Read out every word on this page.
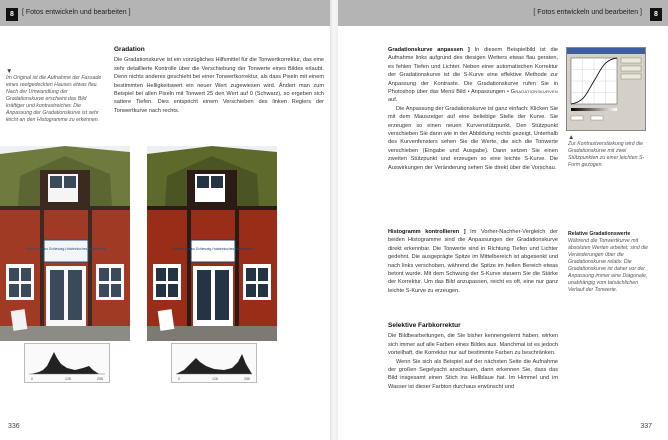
8	[ Fotos entwickeln und bearbeiten ]	[ Fotos entwickeln und bearbeiten ]	8
▼
Im Original ist die Aufnahme der Fassade eines reetgedeckten Hauses etwas flau. Nach der Umwandlung der Gradationskurve erscheint das Bild kräftiger und kontrastreicher. Die Anpassung der Gradationskurve ist sehr leicht an den Histogramme zu erkennen.
Gradation

Die Gradationskurve ist ein vorzügliches Hilfsmittel für die Tonwertkorrektur, das eine sehr detaillierte Kontrolle über die Verschiebung der Tonwerte eines Bildes erlaubt. Denn nichts anderes geschieht bei einer Tonwertkorrektur, als dass Pixeln mit einem bestimmten Helligkeitswert ein neuer Wert zugewiesen wird. Ändert man zum Beispiel bei allen Pixeln mit Tonwert 25 den Wert auf 0 (Schwarz), so ergeben sich sattere Tiefen. Dies entspricht einem Verschieben des linken Reglers der Tonwertkurve nach rechts.

Natur-Infohaus Schleswig-Holsteinisches Wattenmeer	Natur-Infohaus Schleswig-Holsteinisches Wattenmeer
0	128	255	0	128	255
336

Gradationskurve anpassen ] In diesem Beispielbild ist die Aufnahme links aufgrund des diesigen Wetters etwas flau geraten, es fehlen Tiefen und Lichter. Neben einer automatischen Korrektur der Gradationskurve ist die S-Kurve eine effektive Methode zur Anpassung der Kontraste. Die Gradationskurve rufen Sie in Photoshop über das Menü Bild • Anpassungen • Gradationskurven auf.

Die Anpassung der Gradationskurve ist ganz einfach: Klicken Sie mit dem Mauszeiger auf eine beliebige Stelle der Kurve. Sie erzeugen so einen neuen Kurvenstützpunkt. Den Stützpunkt verschieben Sie dann wie in der Abbildung rechts gezeigt. Unterhalb des Kurvenfensters sehen Sie die Werte, die sich die Tonwerte verschieben (Eingabe und Ausgabe). Dann setzen Sie einen zweiten Stützpunkt und erzeugen so eine leichte S-Kurve. Die Auswirkungen der Veränderung sehen Sie direkt über die Vorschau.

Histogramm kontrollieren ] Im Vorher-Nachher-Vergleich der beiden Histogramme sind die Anpassungen der Gradationskurve direkt erkennbar. Die Tonwerte sind in Richtung Tiefen und Lichter gedehnt. Die ausgeprägte Spitze im Mittelbereich ist abgesenkt und nach links verschoben, während die Spitze im hellen Bereich etwas betont wurde. Mit dem Schwung der S-Kurve steuern Sie die Stärke der Korrektur. Um das Bild anzupassen, reicht es oft, eine nur ganz leichte S-Kurve zu erzeugen.

Selektive Farbkorrektur

Die Bildbearbeitungen, die Sie bisher kennengelernt haben, wirken sich immer auf alle Farben eines Bildes aus. Manchmal ist es jedoch vorteilhaft, die Korrektur nur auf bestimmte Farben zu beschränken.

Wenn Sie sich als Beispiel auf der nächsten Seite die Aufnahme der großen Segelyacht anschauen, dann erkennen Sie, dass das Bild insgesamt einen Stich ins Hellblaue hat. Im Himmel und im Wasser ist dieser Farbton durchaus erwünscht und

▲
Zur Kontrastverstärkung wird die Gradationskurve mit zwei Stützpunkten zu einer leichten S-Form gezogen.
Relative Gradationswerte
Während die Tonwertkurve mit absoluten Werten arbeitet, sind die Veränderungen über die Gradationskurve relativ. Die Gradationskurve ist daher vor der Anpassung immer eine Diagonale, unabhängig vom tatsächlichen Verlauf der Tonwerte.
337
